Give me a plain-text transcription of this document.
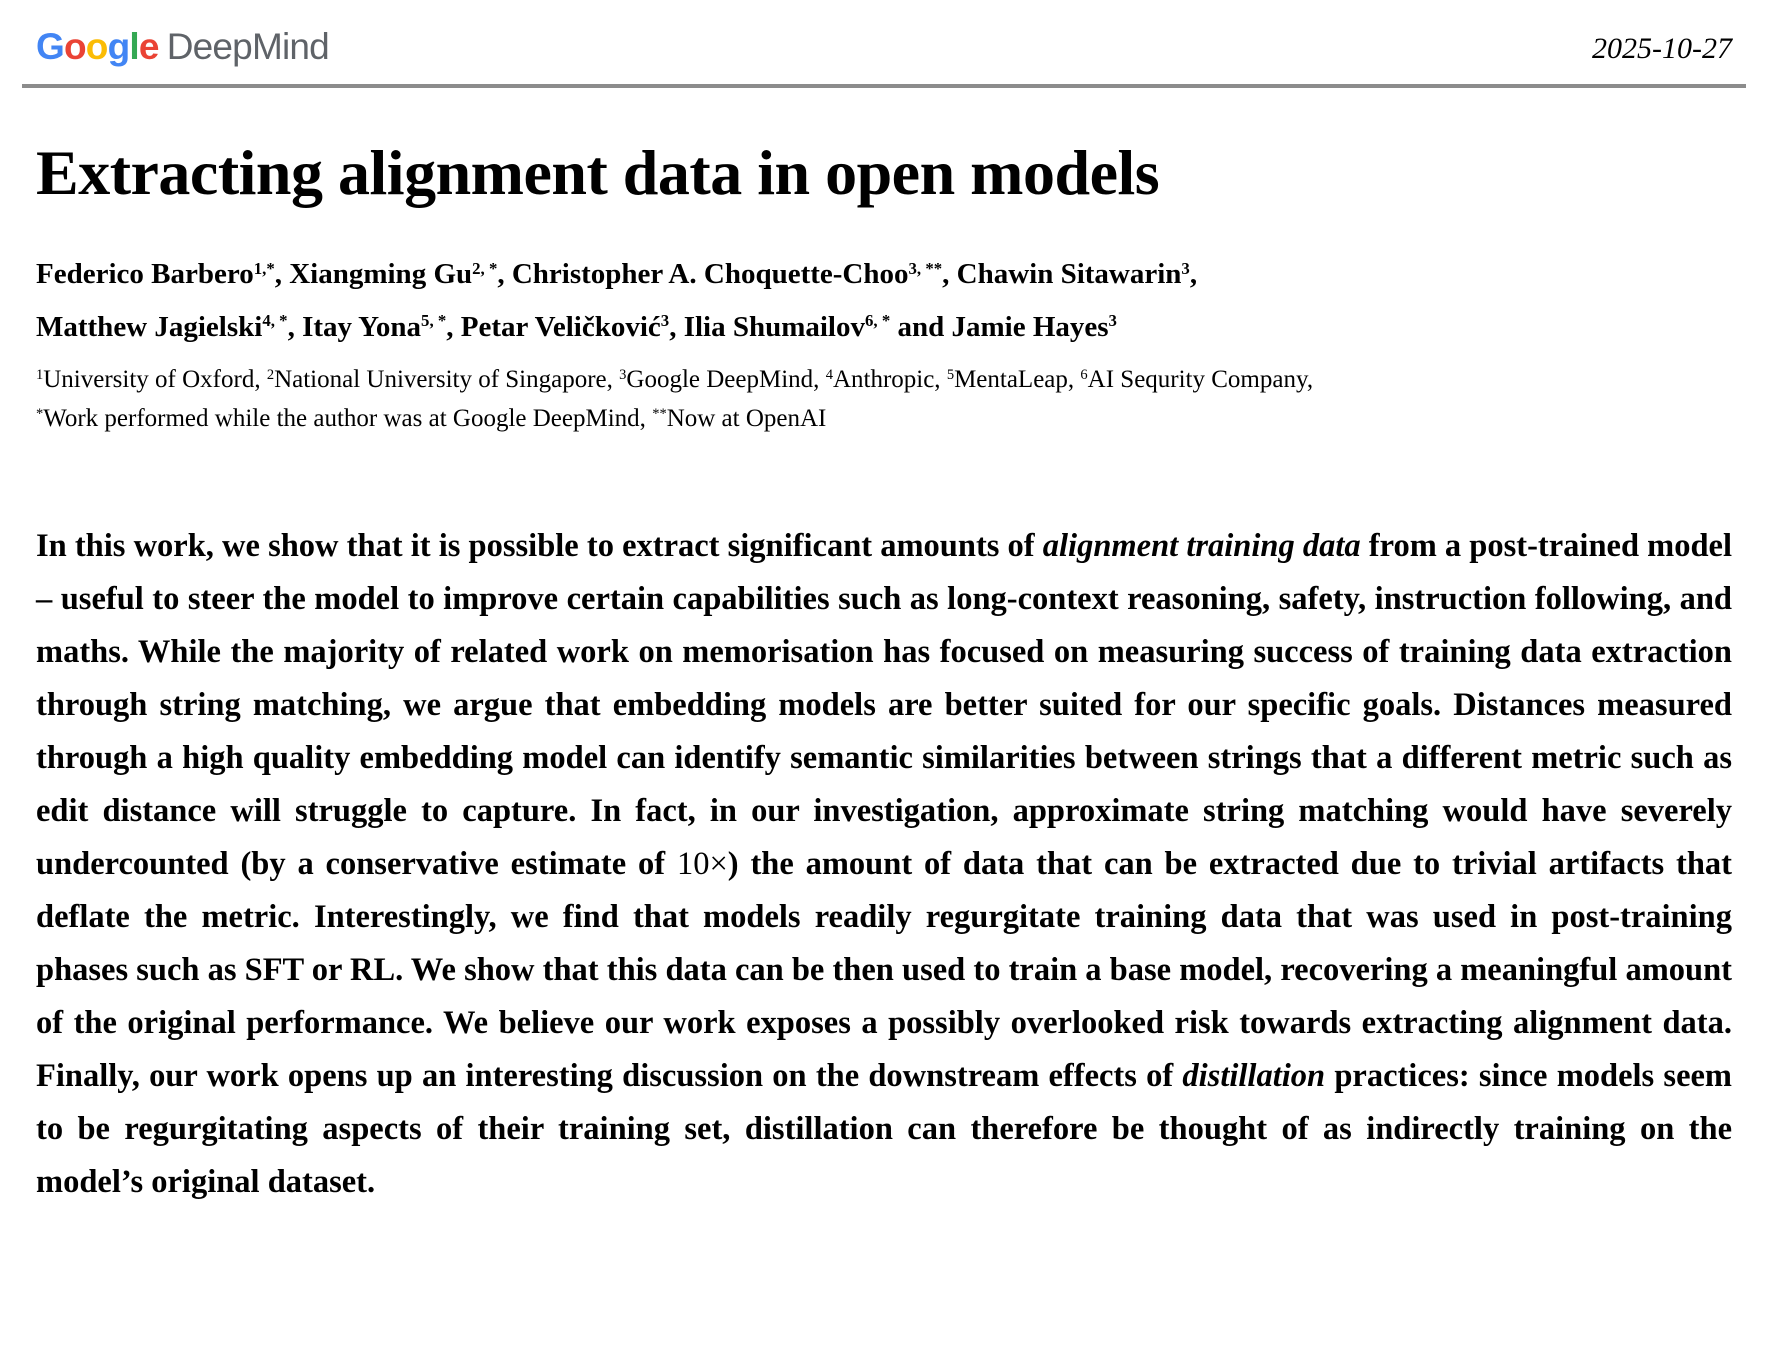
Google DeepMind	2025-10-27
Extracting alignment data in open models
Federico Barbero$^{1,*}$, Xiangming $Gu^{2, *}$, Christopher A. Choquette-Choo$^{3, **}$, Chawin Sitawarin$^3$,
Matthew Jagielski$^{4, *}$, Itay Yona$^{5, *}$, Petar Veličković$^3$, Ilia Shumailov$^{6, *}$ and Jamie Hayes$^3$
$^1$University of Oxford, $^2$National University of Singapore, $^3$Google DeepMind, $^4$Anthropic, $^5$MentaLeap, $^6$AI Sequrity Company,
*Work performed while the author was at Google DeepMind, **Now at OpenAI

In this work, we show that it is possible to extract significant amounts of alignment training data from a post-trained model – useful to steer the model to improve certain capabilities such as long-context reasoning, safety, instruction following, and maths. While the majority of related work on memorisation has focused on measuring success of training data extraction through string matching, we argue that embedding models are better suited for our specific goals. Distances measured through a high quality embedding model can identify semantic similarities between strings that a different metric such as edit distance will struggle to capture. In fact, in our investigation, approximate string matching would have severely undercounted (by a conservative estimate of 10×) the amount of data that can be extracted due to trivial artifacts that deflate the metric. Interestingly, we find that models readily regurgitate training data that was used in post-training phases such as SFT or RL. We show that this data can be then used to train a base model, recovering a meaningful amount of the original performance. We believe our work exposes a possibly overlooked risk towards extracting alignment data. Finally, our work opens up an interesting discussion on the downstream effects of distillation practices: since models seem to be regurgitating aspects of their training set, distillation can therefore be thought of as indirectly training on the model’s original dataset.
